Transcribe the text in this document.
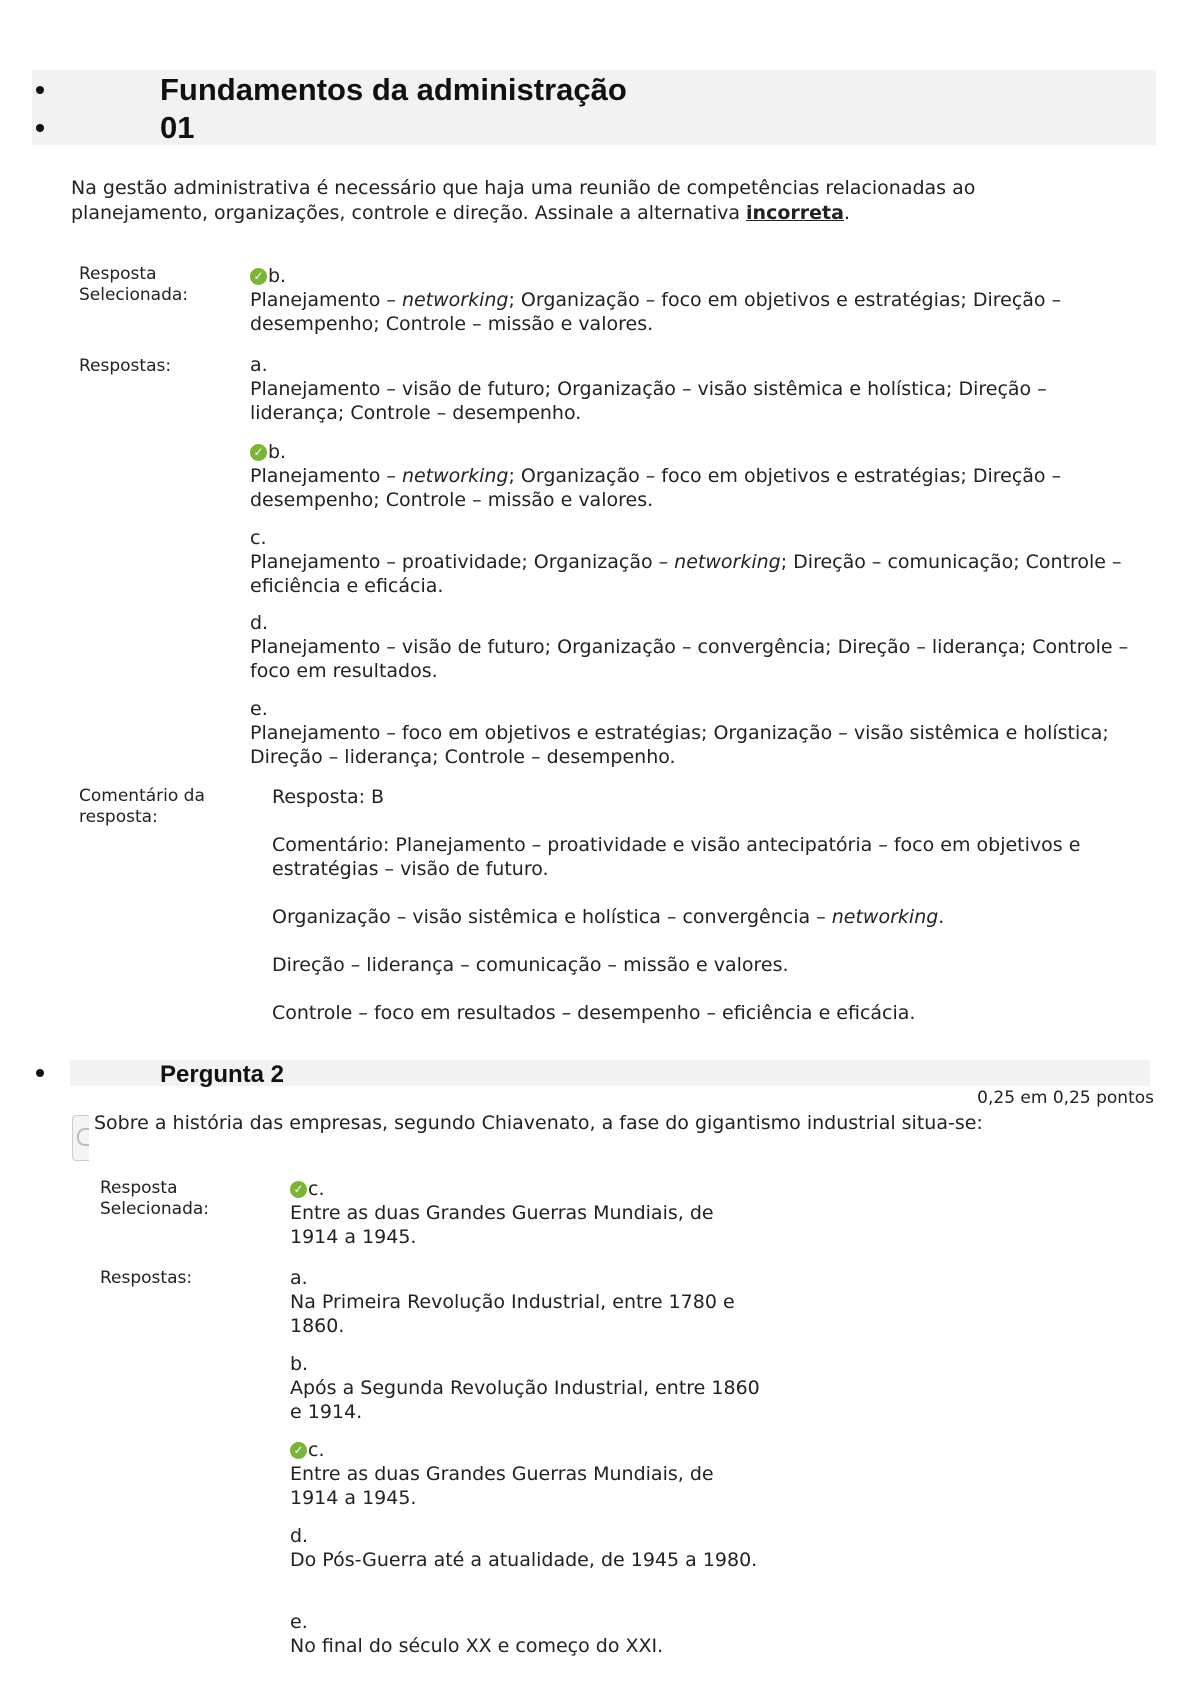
Fundamentos da administração
01
Na gestão administrativa é necessário que haja uma reunião de competências relacionadas ao planejamento, organizações, controle e direção. Assinale a alternativa incorreta.
Resposta Selecionada:
✓ b.
Planejamento – networking; Organização – foco em objetivos e estratégias; Direção – desempenho; Controle – missão e valores.
Respostas:	a.
Planejamento – visão de futuro; Organização – visão sistêmica e holística; Direção – liderança; Controle – desempenho.
✓ b.
Planejamento – networking; Organização – foco em objetivos e estratégias; Direção – desempenho; Controle – missão e valores.
c.
Planejamento – proatividade; Organização – networking; Direção – comunicação; Controle – eficiência e eficácia.
d.
Planejamento – visão de futuro; Organização – convergência; Direção – liderança; Controle – foco em resultados.
e.
Planejamento – foco em objetivos e estratégias; Organização – visão sistêmica e holística; Direção – liderança; Controle – desempenho.
Comentário da resposta:
Resposta: B
Comentário: Planejamento – proatividade e visão antecipatória – foco em objetivos e estratégias – visão de futuro.
Organização – visão sistêmica e holística – convergência – networking.
Direção – liderança – comunicação – missão e valores.
Controle – foco em resultados – desempenho – eficiência e eficácia.
Pergunta 2
0,25 em 0,25 pontos
Sobre a história das empresas, segundo Chiavenato, a fase do gigantismo industrial situa-se:
Resposta Selecionada:
✓ c.
Entre as duas Grandes Guerras Mundiais, de 1914 a 1945.
Respostas:	a.
Na Primeira Revolução Industrial, entre 1780 e 1860.
b.
Após a Segunda Revolução Industrial, entre 1860 e 1914.
✓ c.
Entre as duas Grandes Guerras Mundiais, de 1914 a 1945.
d.
Do Pós-Guerra até a atualidade, de 1945 a 1980.
e.
No final do século XX e começo do XXI.
